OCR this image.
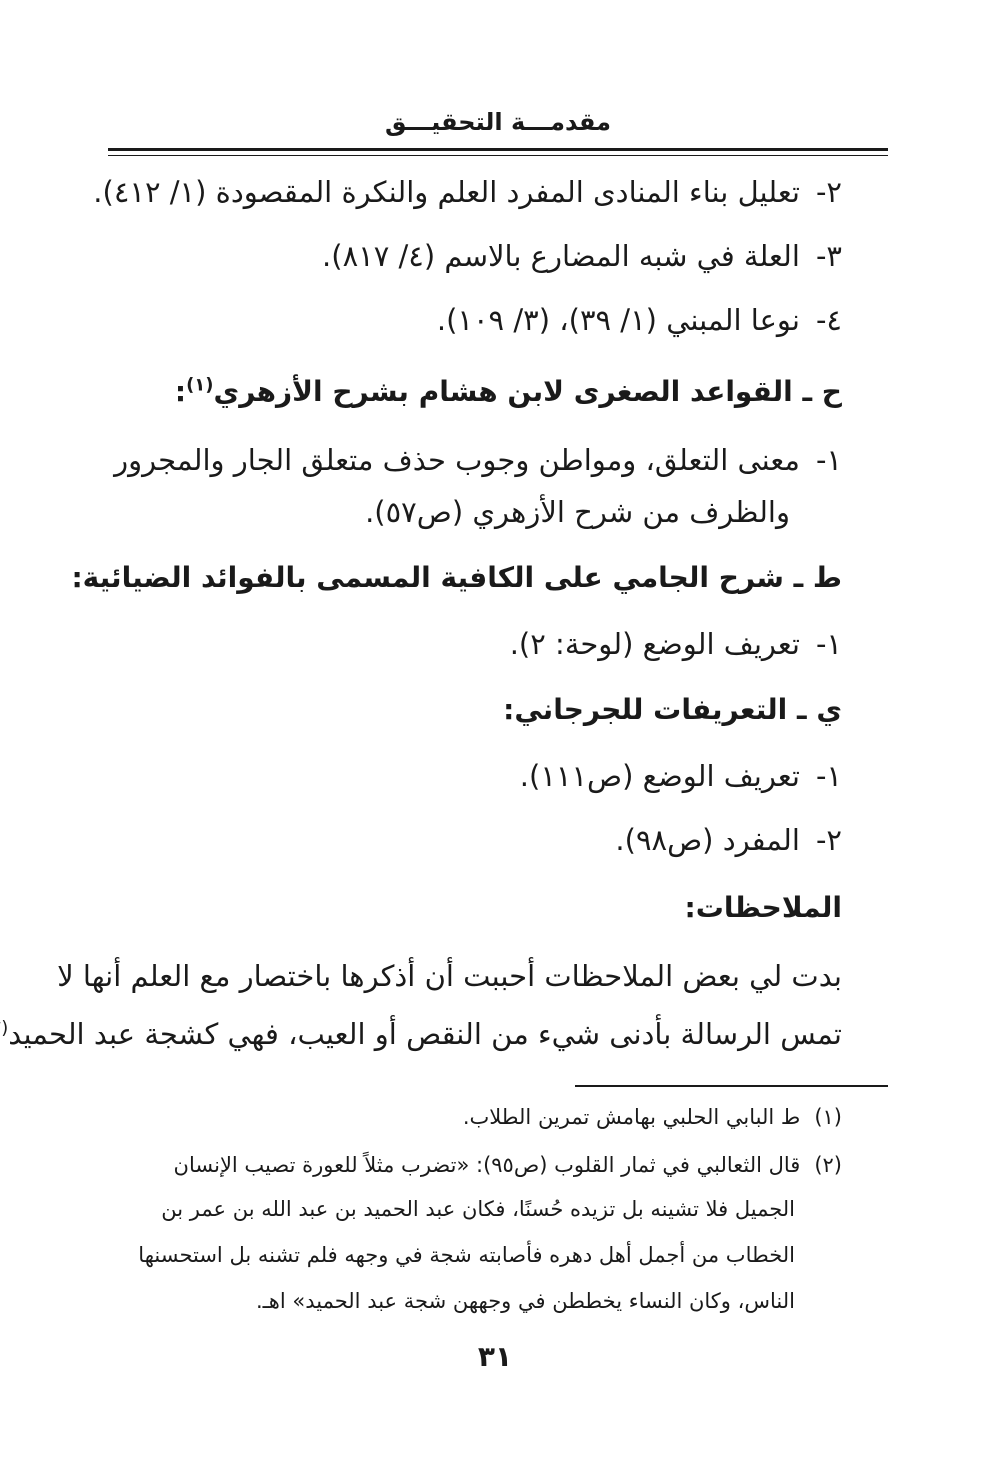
مقدمـــة التحقيـــق
٢-تعليل بناء المنادى المفرد العلم والنكرة المقصودة (١/ ٤١٢).
٣-العلة في شبه المضارع بالاسم (٤/ ٨١٧).
٤-نوعا المبني (١/ ٣٩)، (٣/ ١٠٩).
ح ـ القواعد الصغرى لابن هشام بشرح الأزهري$^{(١)}$:
١-معنى التعلق، ومواطن وجوب حذف متعلق الجار والمجرور
والظرف من شرح الأزهري (ص٥٧).
ط ـ شرح الجامي على الكافية المسمى بالفوائد الضيائية:
١-تعريف الوضع (لوحة: ٢).
ي ـ التعريفات للجرجاني:
١-تعريف الوضع (ص١١١).
٢-المفرد (ص٩٨).
الملاحظات:
بدت لي بعض الملاحظات أحببت أن أذكرها باختصار مع العلم أنها لا
تمس الرسالة بأدنى شيء من النقص أو العيب، فهي كشجة عبد الحميد(
(١)ط البابي الحلبي بهامش تمرين الطلاب.
(٢)قال الثعالبي في ثمار القلوب (ص٩٥): «تضرب مثلاً للعورة تصيب الإنسان
الجميل فلا تشينه بل تزيده حُسنًا، فكان عبد الحميد بن عبد الله بن عمر بن
الخطاب من أجمل أهل دهره فأصابته شجة في وجهه فلم تشنه بل استحسنها
الناس، وكان النساء يخططن في وجههن شجة عبد الحميد» اهـ.
٣١
